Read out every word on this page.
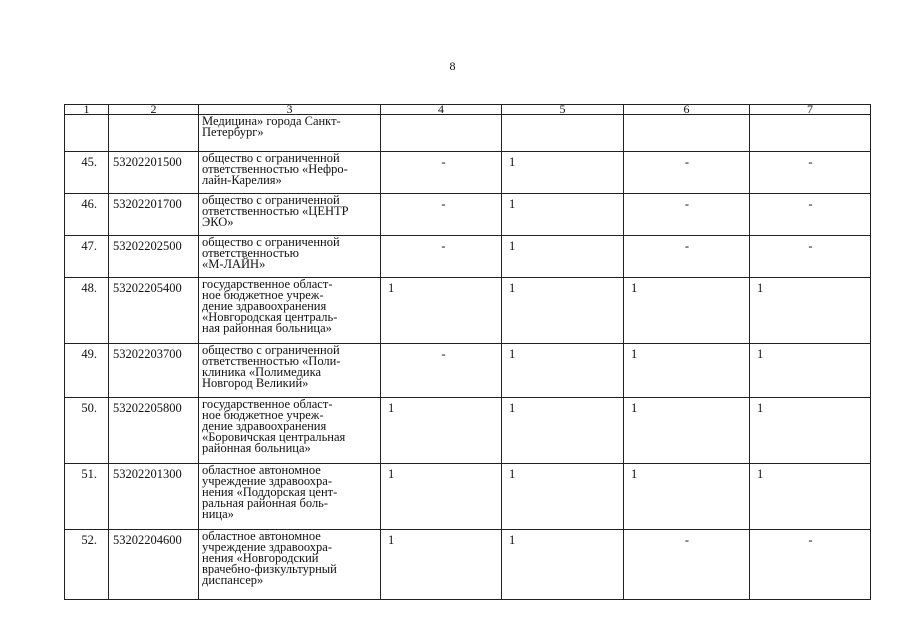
8
1	2	3	4	5	6	7

		Медицина» города Санкт-
Петербург»				

45.	53202201500	общество с ограниченной
ответственностью «Нефро-
лайн-Карелия»	-	1	-	-

46.	53202201700	общество с ограниченной
ответственностью «ЦЕНТР
ЭКО»	-	1	-	-

47.	53202202500	общество с ограниченной
ответственностью
«М-ЛАЙН»	-	1	-	-

48.	53202205400	государственное област-
ное бюджетное учреж-
дение здравоохранения
«Новгородская централь-
ная районная больница»	1	1	1	1
49.	53202203700	общество с ограниченной
ответственностью «Поли-
клиника «Полимедика
Новгород Великий»	-	1	1	1
50.	53202205800	государственное област-
ное бюджетное учреж-
дение здравоохранения
«Боровичская центральная
районная больница»	1	1	1	1
51.	53202201300	областное автономное
учреждение здравоохра-
нения «Поддорская цент-
ральная районная боль-
ница»	1	1	1	1
52.	53202204600	областное автономное
учреждение здравоохра-
нения «Новгородский
врачебно-физкультурный
диспансер»	1	1	-	-
